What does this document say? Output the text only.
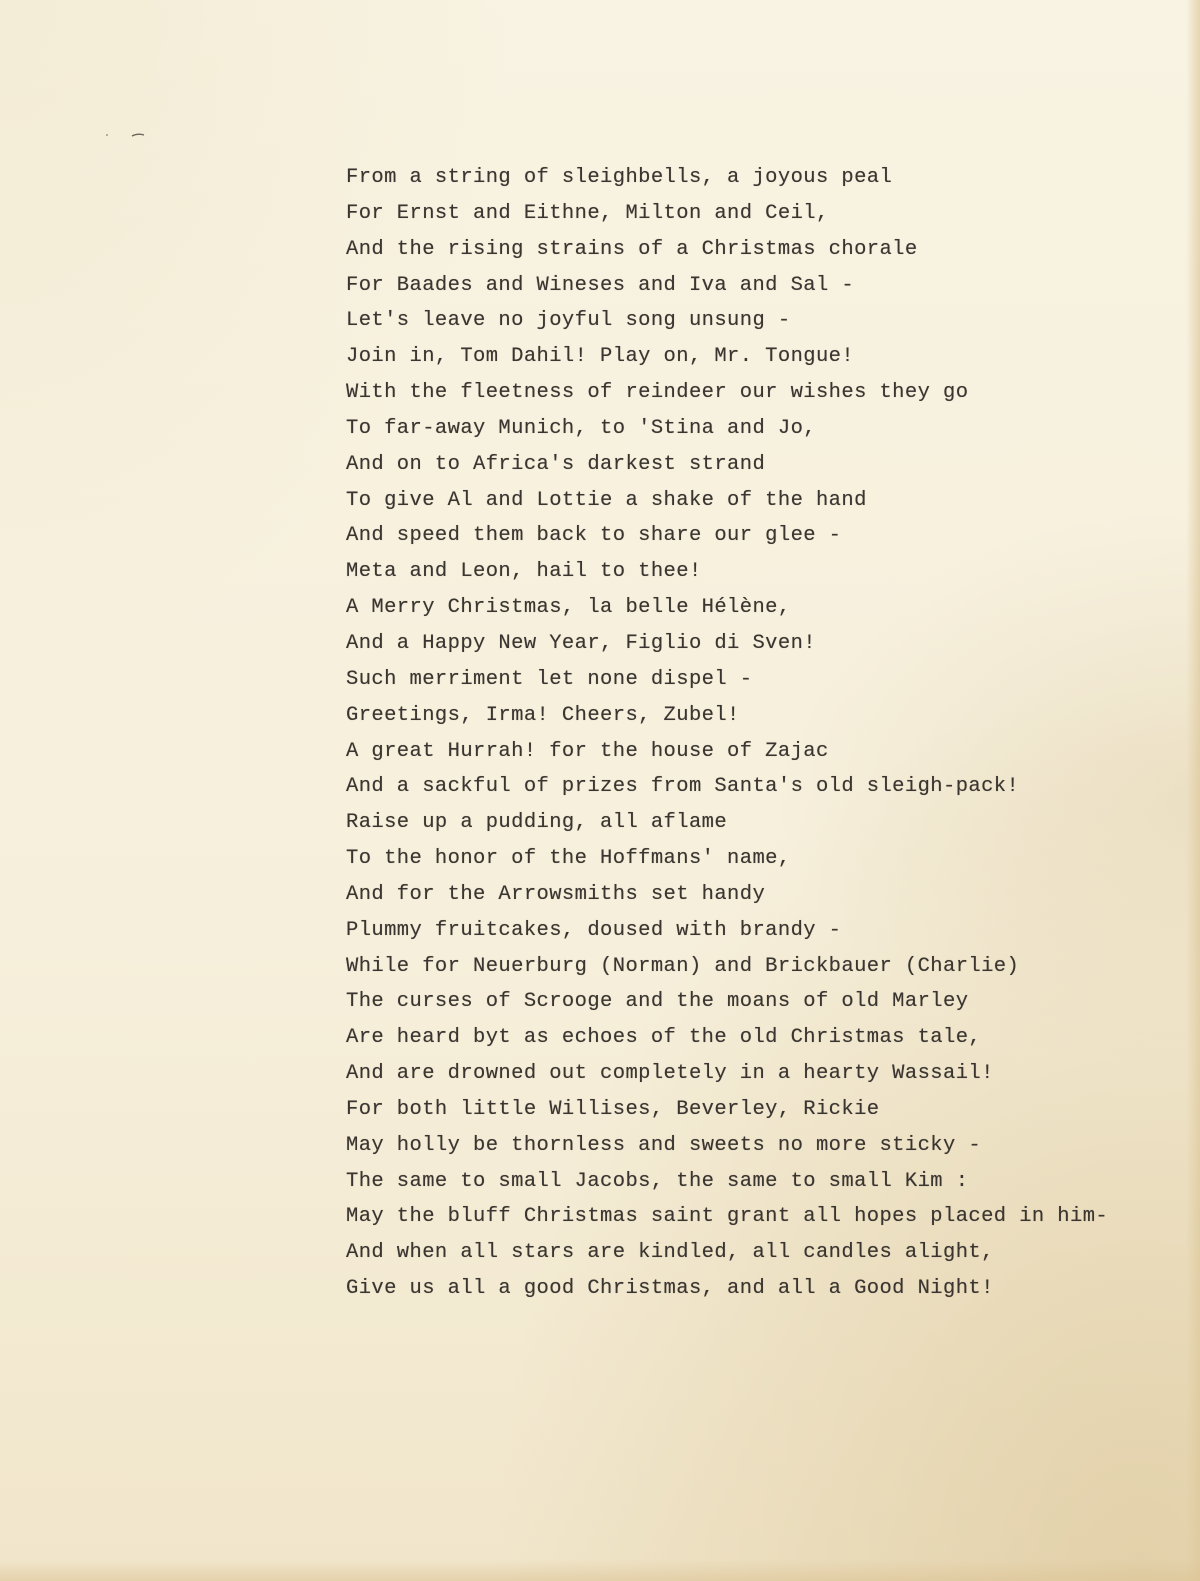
From a string of sleighbells, a joyous peal
For Ernst and Eithne, Milton and Ceil,
And the rising strains of a Christmas chorale
For Baades and Wineses and Iva and Sal -
Let's leave no joyful song unsung -
Join in, Tom Dahil! Play on, Mr. Tongue!
With the fleetness of reindeer our wishes they go
To far-away Munich, to 'Stina and Jo,
And on to Africa's darkest strand
To give Al and Lottie a shake of the hand
And speed them back to share our glee -
Meta and Leon, hail to thee!
A Merry Christmas, la belle Hélène,
And a Happy New Year, Figlio di Sven!
Such merriment let none dispel -
Greetings, Irma! Cheers, Zubel!
A great Hurrah! for the house of Zajac
And a sackful of prizes from Santa's old sleigh-pack!
Raise up a pudding, all aflame
To the honor of the Hoffmans' name,
And for the Arrowsmiths set handy
Plummy fruitcakes, doused with brandy -
While for Neuerburg (Norman) and Brickbauer (Charlie)
The curses of Scrooge and the moans of old Marley
Are heard byt as echoes of the old Christmas tale,
And are drowned out completely in a hearty Wassail!
For both little Willises, Beverley, Rickie
May holly be thornless and sweets no more sticky -
The same to small Jacobs, the same to small Kim :
May the bluff Christmas saint grant all hopes placed in him-
And when all stars are kindled, all candles alight,
Give us all a good Christmas, and all a Good Night!
